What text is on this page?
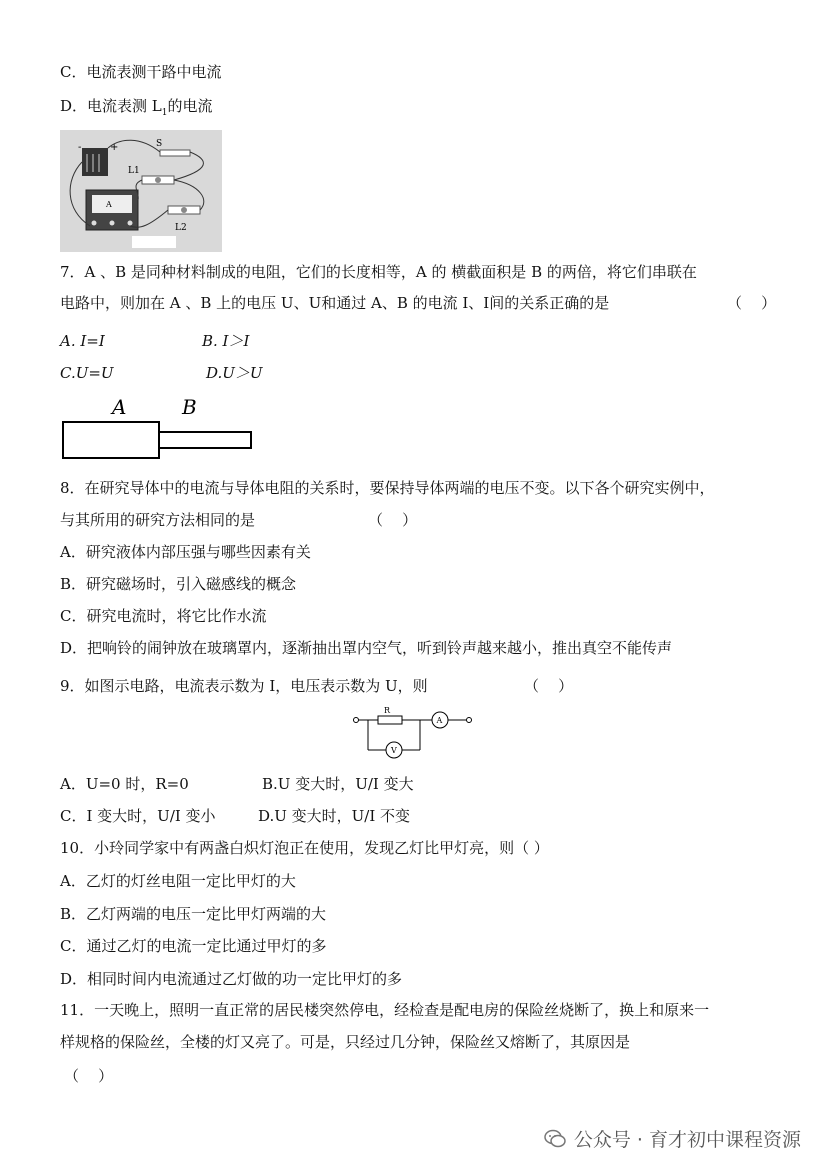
C．电流表测干路中电流
D．电流表测 $L_1$的电流
-	+	S
L1
L2
A
7．A 、B 是同种材料制成的电阻，它们的长度相等，A 的 横截面积是 B 的两倍，将它们串联在
电路中，则加在 A 、B 上的电压 U、U和通过 A、B 的电流 I、I间的关系正确的是	（    ）
A. I=I	B. I＞I
C.U=U	D.U＞U
A	B
8．在研究导体中的电流与导体电阻的关系时，要保持导体两端的电压不变。以下各个研究实例中，
与其所用的研究方法相同的是	（    ）
A．研究液体内部压强与哪些因素有关
B．研究磁场时，引入磁感线的概念
C．研究电流时，将它比作水流
D．把响铃的闹钟放在玻璃罩内，逐渐抽出罩内空气，听到铃声越来越小，推出真空不能传声
9．如图示电路，电流表示数为 I，电压表示数为 U，则	（    ）
R
A
V
A．U=0 时，R=0	B.U 变大时，U/I 变大
C．I 变大时，U/I 变小	D.U 变大时，U/I 不变
10．小玲同学家中有两盏白炽灯泡正在使用，发现乙灯比甲灯亮，则（ ）
A．乙灯的灯丝电阻一定比甲灯的大
B．乙灯两端的电压一定比甲灯两端的大
C．通过乙灯的电流一定比通过甲灯的多
D．相同时间内电流通过乙灯做的功一定比甲灯的多
11．一天晚上，照明一直正常的居民楼突然停电，经检查是配电房的保险丝烧断了，换上和原来一
样规格的保险丝，全楼的灯又亮了。可是，只经过几分钟，保险丝又熔断了，其原因是
（    ）
公众号 · 育才初中课程资源
